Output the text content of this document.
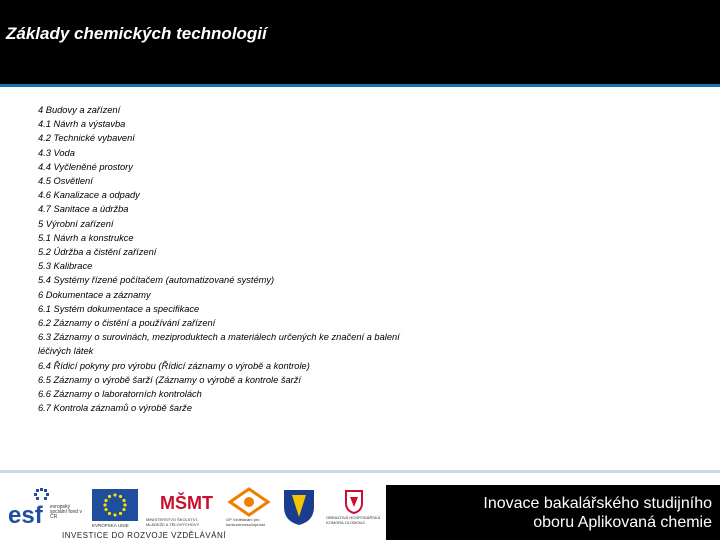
Základy chemických technologií
4 Budovy a zařízení
4.1 Návrh a výstavba
4.2 Technické vybavení
4.3 Voda
4.4 Vyčleněné prostory
4.5 Osvětlení
4.6 Kanalizace a odpady
4.7 Sanitace a údržba
5 Výrobní zařízení
5.1 Návrh a konstrukce
5.2 Údržba a čistění zařízení
5.3 Kalibrace
5.4 Systémy řízené počítačem (automatizované systémy)
6 Dokumentace a záznamy
6.1 Systém dokumentace a specifikace
6.2 Záznamy o čistění a používání zařízení
6.3 Záznamy o surovinách, meziproduktech a materiálech určených ke značení a balení
léčivých látek
6.4 Řídicí pokyny pro výrobu (Řídicí záznamy o výrobě a kontrole)
6.5 Záznamy o výrobě šarží (Záznamy o výrobě a kontrole šarží
6.6 Záznamy o laboratorních kontrolách
6.7 Kontrola záznamů o výrobě šarže
esf evropský sociální fond v ČR
EVROPSKÁ UNIE
MŠMT
MINISTERSTVO ŠKOLSTVÍ, MLÁDEŽE A TĚLOVÝCHOVY
OP Vzdělávání pro konkurenceschopnost
OBRAZOVÁ HOSPODÁŘSKÁ KOMORA OLOMOUC
INVESTICE DO ROZVOJE VZDĚLÁVÁNÍ
Inovace bakalářského studijního
oboru Aplikovaná chemie
